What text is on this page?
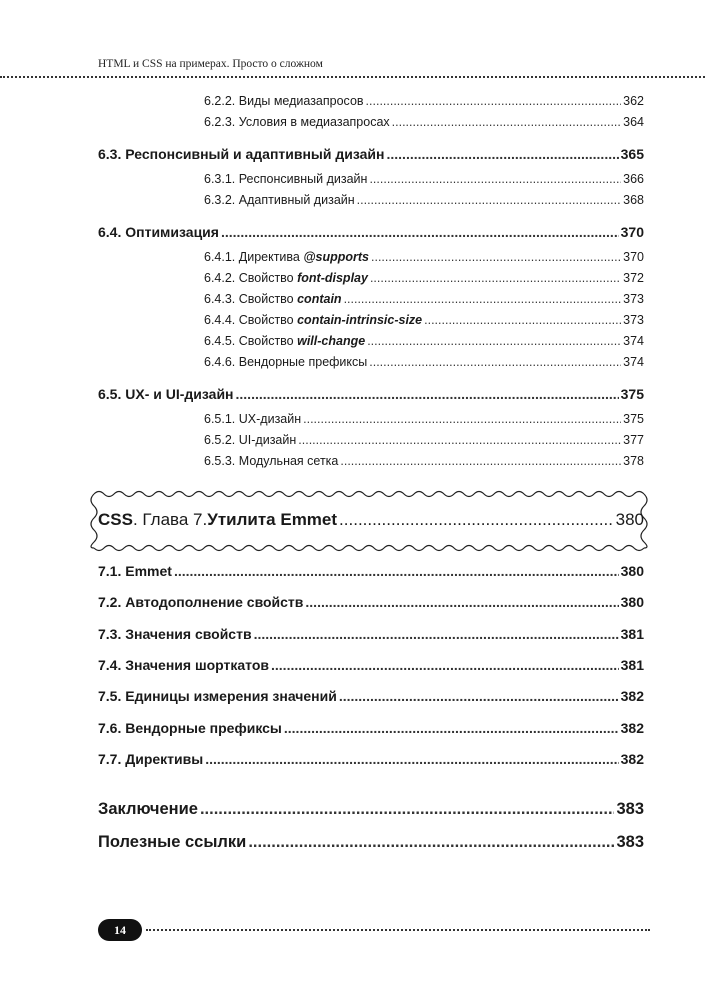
HTML и CSS на примерах. Просто о сложном
6.2.2. Виды медиазапросов .....	362
6.2.3. Условия в медиазапросах .....	364
6.3. Респонсивный и адаптивный дизайн .....	365
6.3.1. Респонсивный дизайн .....	366
6.3.2. Адаптивный дизайн .....	368
6.4. Оптимизация .....	370
6.4.1. Директива @supports .....	370
6.4.2. Свойство font-display .....	372
6.4.3. Свойство contain .....	373
6.4.4. Свойство contain-intrinsic-size .....	373
6.4.5. Свойство will-change .....	374
6.4.6. Вендорные префиксы .....	374
6.5. UX- и UI-дизайн .....	375
6.5.1. UX-дизайн .....	375
6.5.2. UI-дизайн .....	377
6.5.3. Модульная сетка .....	378
CSS . Глава 7. Утилита Emmet .....	380
7.1. Emmet .....	380
7.2. Автодополнение свойств .....	380
7.3. Значения свойств .....	381
7.4. Значения шорткатов .....	381
7.5. Единицы измерения значений .....	382
7.6. Вендорные префиксы .....	382
7.7. Директивы .....	382
Заключение .....	383
Полезные ссылки .....	383
14
